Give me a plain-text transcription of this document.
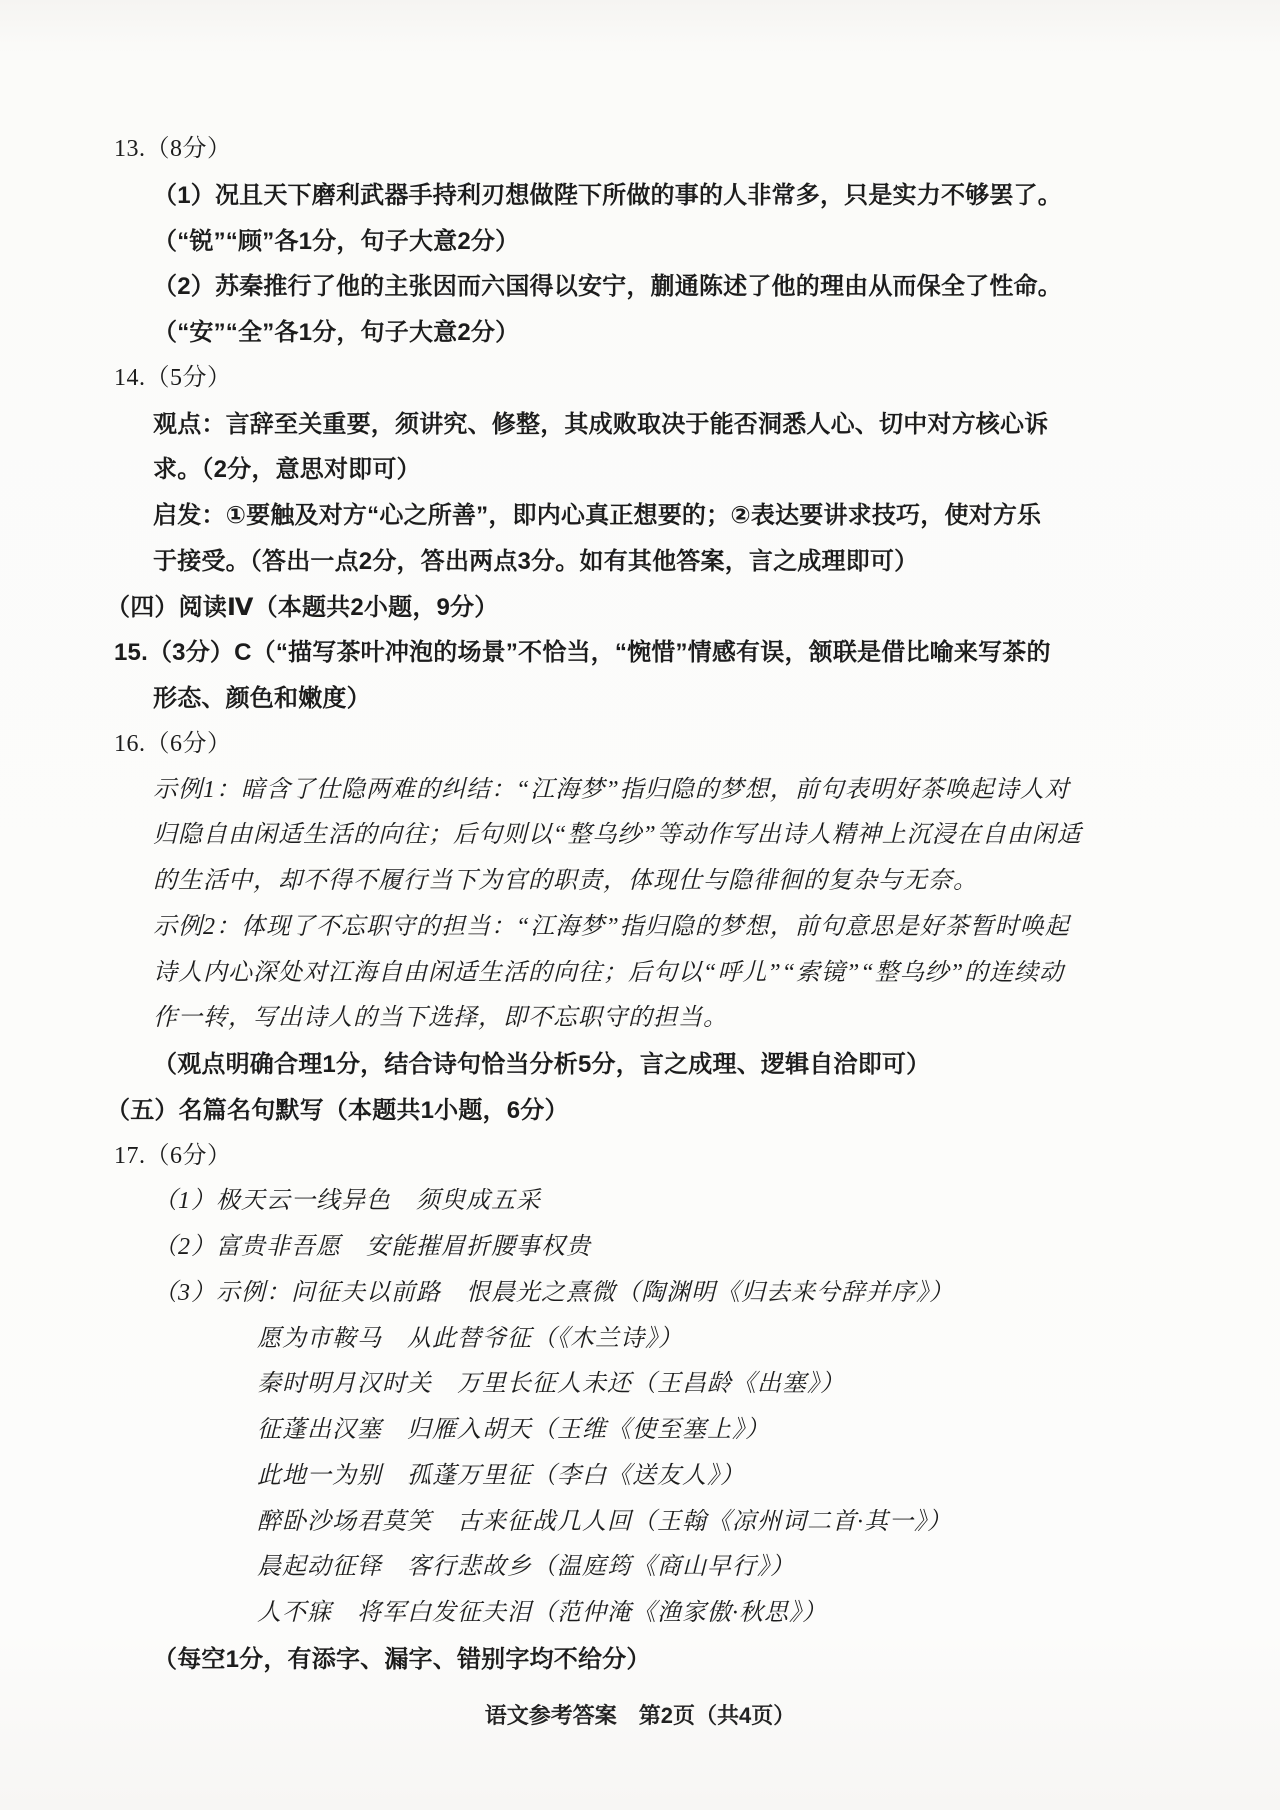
13.（8分）
（1）况且天下磨利武器手持利刃想做陛下所做的事的人非常多，只是实力不够罢了。
（“锐”“顾”各1分，句子大意2分）
（2）苏秦推行了他的主张因而六国得以安宁，蒯通陈述了他的理由从而保全了性命。
（“安”“全”各1分，句子大意2分）
14.（5分）
观点：言辞至关重要，须讲究、修整，其成败取决于能否洞悉人心、切中对方核心诉
求。（2分，意思对即可）
启发：①要触及对方“心之所善”，即内心真正想要的；②表达要讲求技巧，使对方乐
于接受。（答出一点2分，答出两点3分。如有其他答案，言之成理即可）
（四）阅读Ⅳ（本题共2小题，9分）
15.（3分）C（“描写茶叶冲泡的场景”不恰当，“惋惜”情感有误，颔联是借比喻来写茶的
形态、颜色和嫩度）
16.（6分）
示例1：暗含了仕隐两难的纠结：“江海梦”指归隐的梦想，前句表明好茶唤起诗人对
归隐自由闲适生活的向往；后句则以“整乌纱”等动作写出诗人精神上沉浸在自由闲适
的生活中，却不得不履行当下为官的职责，体现仕与隐徘徊的复杂与无奈。
示例2：体现了不忘职守的担当：“江海梦”指归隐的梦想，前句意思是好茶暂时唤起
诗人内心深处对江海自由闲适生活的向往；后句以“呼儿”“索镜”“整乌纱”的连续动
作一转，写出诗人的当下选择，即不忘职守的担当。
（观点明确合理1分，结合诗句恰当分析5分，言之成理、逻辑自洽即可）
（五）名篇名句默写（本题共1小题，6分）
17.（6分）
（1）极天云一线异色　须臾成五采
（2）富贵非吾愿　安能摧眉折腰事权贵
（3）示例：问征夫以前路　恨晨光之熹微（陶渊明《归去来兮辞并序》）
愿为市鞍马　从此替爷征（《木兰诗》）
秦时明月汉时关　万里长征人未还（王昌龄《出塞》）
征蓬出汉塞　归雁入胡天（王维《使至塞上》）
此地一为别　孤蓬万里征（李白《送友人》）
醉卧沙场君莫笑　古来征战几人回（王翰《凉州词二首·其一》）
晨起动征铎　客行悲故乡（温庭筠《商山早行》）
人不寐　将军白发征夫泪（范仲淹《渔家傲·秋思》）
（每空1分，有添字、漏字、错别字均不给分）
语文参考答案　第2页（共4页）
